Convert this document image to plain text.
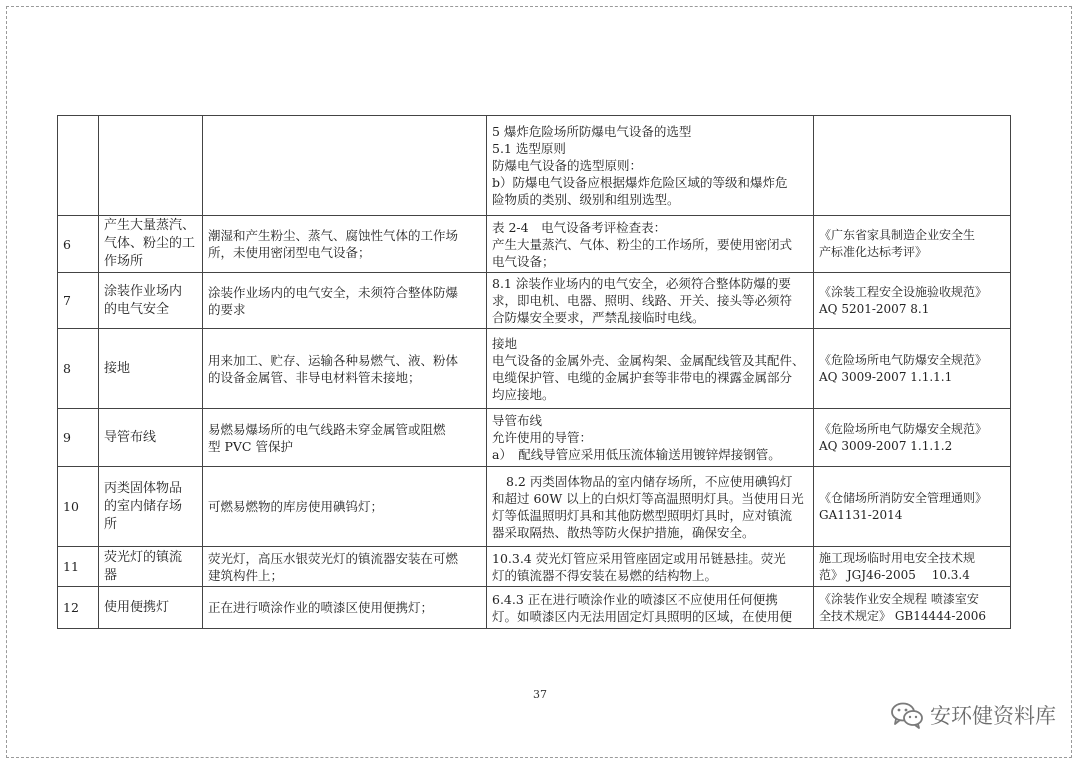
			5 爆炸危险场所防爆电气设备的选型
5.1 选型原则
防爆电气设备的选型原则：
b）防爆电气设备应根据爆炸危险区域的等级和爆炸危
险物质的类别、级别和组别选型。	

6	产生大量蒸汽、
气体、粉尘的工
作场所	潮湿和产生粉尘、蒸气、腐蚀性气体的工作场
所，未使用密闭型电气设备；	表 2-4　电气设备考评检查表：
产生大量蒸汽、气体、粉尘的工作场所，要使用密闭式
电气设备；	《广东省家具制造企业安全生
产标准化达标考评》

7	涂装作业场内
的电气安全	涂装作业场内的电气安全，未须符合整体防爆
的要求	8.1 涂装作业场内的电气安全，必须符合整体防爆的要
求，即电机、电器、照明、线路、开关、接头等必须符
合防爆安全要求，严禁乱接临时电线。	《涂装工程安全设施验收规范》
AQ 5201-2007 8.1

8	接地	用来加工、贮存、运输各种易燃气、液、粉体
的设备金属管、非导电材料管未接地；	接地
电气设备的金属外壳、金属构架、金属配线管及其配件、
电缆保护管、电缆的金属护套等非带电的裸露金属部分
均应接地。	《危险场所电气防爆安全规范》
AQ 3009-2007 1.1.1.1

9	导管布线	易燃易爆场所的电气线路未穿金属管或阻燃
型 PVC 管保护	导管布线
允许使用的导管：
a）　配线导管应采用低压流体输送用镀锌焊接钢管。	《危险场所电气防爆安全规范》
AQ 3009-2007 1.1.1.2

10	丙类固体物品
的室内储存场
所	可燃易燃物的库房使用碘钨灯；	8.2 丙类固体物品的室内储存场所，不应使用碘钨灯
和超过 60W 以上的白炽灯等高温照明灯具。当使用日光
灯等低温照明灯具和其他防燃型照明灯具时，应对镇流
器采取隔热、散热等防火保护措施，确保安全。	《仓储场所消防安全管理通则》
GA1131-2014

11	荧光灯的镇流
器	荧光灯，高压水银荧光灯的镇流器安装在可燃
建筑构件上；	10.3.4 荧光灯管应采用管座固定或用吊链悬挂。荧光
灯的镇流器不得安装在易燃的结构物上。	施工现场临时用电安全技术规
范》 JGJ46-2005　 10.3.4

12	使用便携灯	正在进行喷涂作业的喷漆区使用便携灯；	6.4.3 正在进行喷涂作业的喷漆区不应使用任何便携
灯。如喷漆区内无法用固定灯具照明的区域，在使用便	《涂装作业安全规程 喷漆室安
全技术规定》 GB14444-2006
37
安环健资料库
